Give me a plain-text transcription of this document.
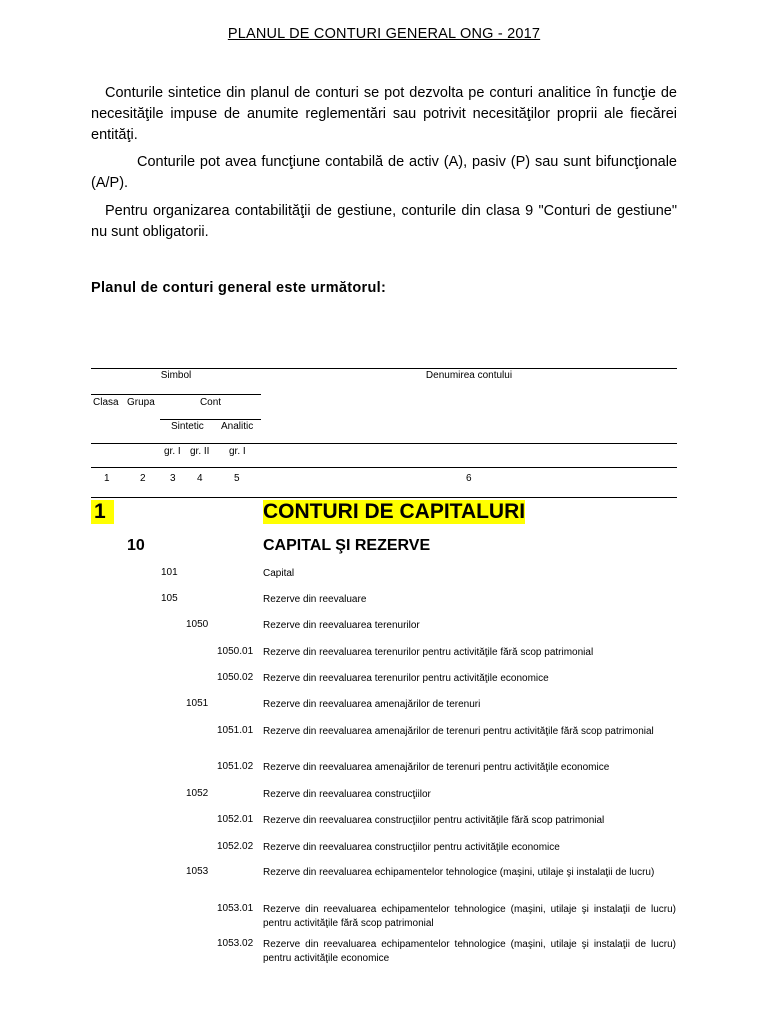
PLANUL DE CONTURI GENERAL ONG - 2017
Conturile sintetice din planul de conturi se pot dezvolta pe conturi analitice în funcţie de necesităţile impuse de anumite reglementări sau potrivit necesităţilor proprii ale fiecărei entităţi.
Conturile pot avea funcţiune contabilă de activ (A), pasiv (P) sau sunt bifuncţionale (A/P).
Pentru organizarea contabilităţii de gestiune, conturile din clasa 9 "Conturi de gestiune" nu sunt obligatorii.
Planul de conturi general este următorul:
Simbol	Denumirea contului
Clasa Grupa	Cont
Sintetic Analitic
gr. I gr. II gr. I
1	2 3 4	5	6
1	CONTURI DE CAPITALURI
10	CAPITAL ŞI REZERVE
101	Capital
105	Rezerve din reevaluare
1050	Rezerve din reevaluarea terenurilor
1050.01 Rezerve din reevaluarea terenurilor pentru activităţile fără scop patrimonial
1050.02 Rezerve din reevaluarea terenurilor pentru activităţile economice
1051	Rezerve din reevaluarea amenajărilor de terenuri
1051.01 Rezerve din reevaluarea amenajărilor de terenuri pentru activităţile fără scop patrimonial
1051.02 Rezerve din reevaluarea amenajărilor de terenuri pentru activităţile economice
1052	Rezerve din reevaluarea construcţiilor
1052.01 Rezerve din reevaluarea construcţiilor pentru activităţile fără scop patrimonial
1052.02 Rezerve din reevaluarea construcţiilor pentru activităţile economice
1053	Rezerve din reevaluarea echipamentelor tehnologice (maşini, utilaje şi instalaţii de lucru)
1053.01 Rezerve din reevaluarea echipamentelor tehnologice (maşini, utilaje şi instalaţii de lucru) pentru activităţile fără scop patrimonial
1053.02 Rezerve din reevaluarea echipamentelor tehnologice (maşini, utilaje şi instalaţii de lucru) pentru activităţile economice
